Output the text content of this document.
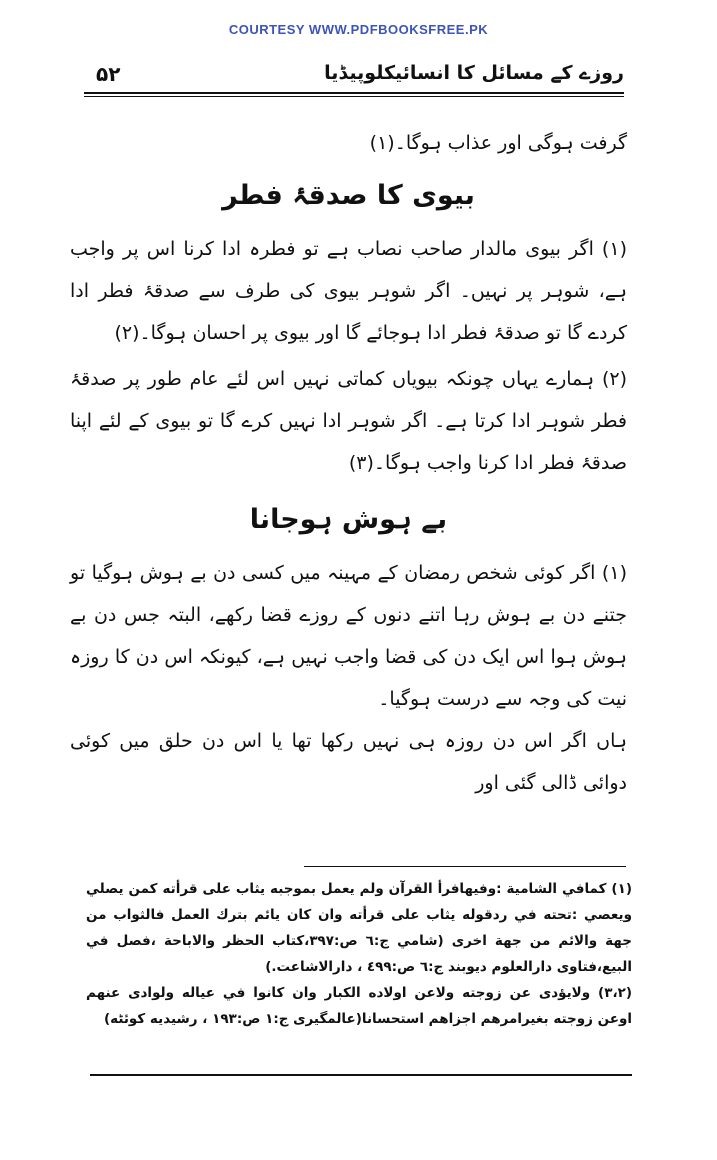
COURTESY WWW.PDFBOOKSFREE.PK
۵۲	روزے کے مسائل کا انسائیکلوپیڈیا

گرفت ہوگی اور عذاب ہوگا۔(۱)

بیوی کا صدقۂ فطر

(۱) اگر بیوی مالدار صاحب نصاب ہے تو فطرہ ادا کرنا اس پر واجب ہے، شوہر پر نہیں۔ اگر شوہر بیوی کی طرف سے صدقۂ فطر ادا کردے گا تو صدقۂ فطر ادا ہوجائے گا اور بیوی پر احسان ہوگا۔(۲)

(۲) ہمارے یہاں چونکہ بیویاں کماتی نہیں اس لئے عام طور پر صدقۂ فطر شوہر ادا کرتا ہے۔ اگر شوہر ادا نہیں کرے گا تو بیوی کے لئے اپنا صدقۂ فطر ادا کرنا واجب ہوگا۔(۳)

بے ہوش ہوجانا

(۱) اگر کوئی شخص رمضان کے مہینہ میں کسی دن بے ہوش ہوگیا تو جتنے دن بے ہوش رہا اتنے دنوں کے روزے قضا رکھے، البتہ جس دن بے ہوش ہوا اس ایک دن کی قضا واجب نہیں ہے، کیونکہ اس دن کا روزہ نیت کی وجہ سے درست ہوگیا۔

ہاں اگر اس دن روزہ ہی نہیں رکھا تھا یا اس دن حلق میں کوئی دوائی ڈالی گئی اور

(۱) كمافي الشامية :وفيهافرأ القرآن ولم يعمل بموجبه يثاب على قرأته كمن يصلي ويعصي :تحته في ردقوله يثاب على قرأته وان كان يائم بترك العمل فالثواب من جهة والائم من جهة اخرى (شامي ج:٦ ص:٣٩٧،كتاب الحظر والاباحة ،فصل في البيع،فتاوى دارالعلوم ديوبند ج:٦ ص:٤٩٩ ، دارالاشاعت.)

(٣،٢) ولايؤدى عن زوجته ولاعن اولاده الكبار وان كانوا في عياله ولوادى عنهم اوعن زوجته بغيرامرهم اجزاهم استحسانا(عالمگیری ج:١ ص:١٩٣ ، رشیدیه كوئٹه)
